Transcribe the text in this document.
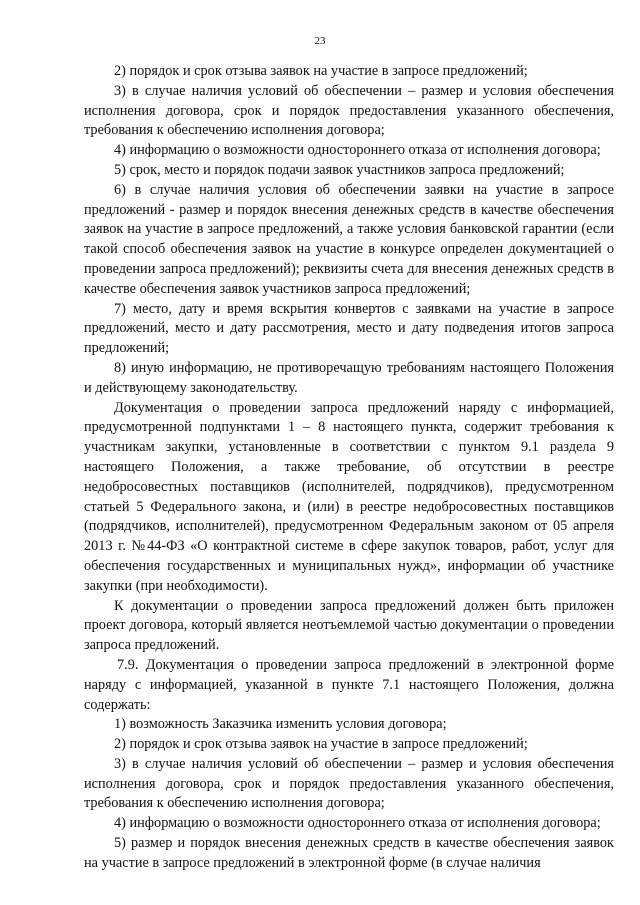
23

2) порядок и срок отзыва заявок на участие в запросе предложений;

3) в случае наличия условий об обеспечении – размер и условия обеспечения исполнения договора, срок и порядок предоставления указанного обеспечения, требования к обеспечению исполнения договора;

4) информацию о возможности одностороннего отказа от исполнения договора;

5) срок, место и порядок подачи заявок участников запроса предложений;

6) в случае наличия условия об обеспечении заявки на участие в запросе предложений - размер и порядок внесения денежных средств в качестве обеспечения заявок на участие в запросе предложений, а также условия банковской гарантии (если такой способ обеспечения заявок на участие в конкурсе определен документацией о проведении запроса предложений); реквизиты счета для внесения денежных средств в качестве обеспечения заявок участников запроса предложений;

7) место, дату и время вскрытия конвертов с заявками на участие в запросе предложений, место и дату рассмотрения, место и дату подведения итогов запроса предложений;

8) иную информацию, не противоречащую требованиям настоящего Положения и действующему законодательству.

Документация о проведении запроса предложений наряду с информацией, предусмотренной подпунктами 1 – 8 настоящего пункта, содержит требования к участникам закупки, установленные в соответствии с пунктом 9.1 раздела 9 настоящего Положения, а также требование, об отсутствии в реестре недобросовестных поставщиков (исполнителей, подрядчиков), предусмотренном статьей 5 Федерального закона, и (или) в реестре недобросовестных поставщиков (подрядчиков, исполнителей), предусмотренном Федеральным законом от 05 апреля 2013 г. №44-ФЗ «О контрактной системе в сфере закупок товаров, работ, услуг для обеспечения государственных и муниципальных нужд», информации об участнике закупки (при необходимости).

К документации о проведении запроса предложений должен быть приложен проект договора, который является неотъемлемой частью документации о проведении запроса предложений.

7.9. Документация о проведении запроса предложений в электронной форме наряду с информацией, указанной в пункте 7.1 настоящего Положения, должна содержать:

1) возможность Заказчика изменить условия договора;

2) порядок и срок отзыва заявок на участие в запросе предложений;

3) в случае наличия условий об обеспечении – размер и условия обеспечения исполнения договора, срок и порядок предоставления указанного обеспечения, требования к обеспечению исполнения договора;

4) информацию о возможности одностороннего отказа от исполнения договора;

5) размер и порядок внесения денежных средств в качестве обеспечения заявок на участие в запросе предложений в электронной форме (в случае наличия
